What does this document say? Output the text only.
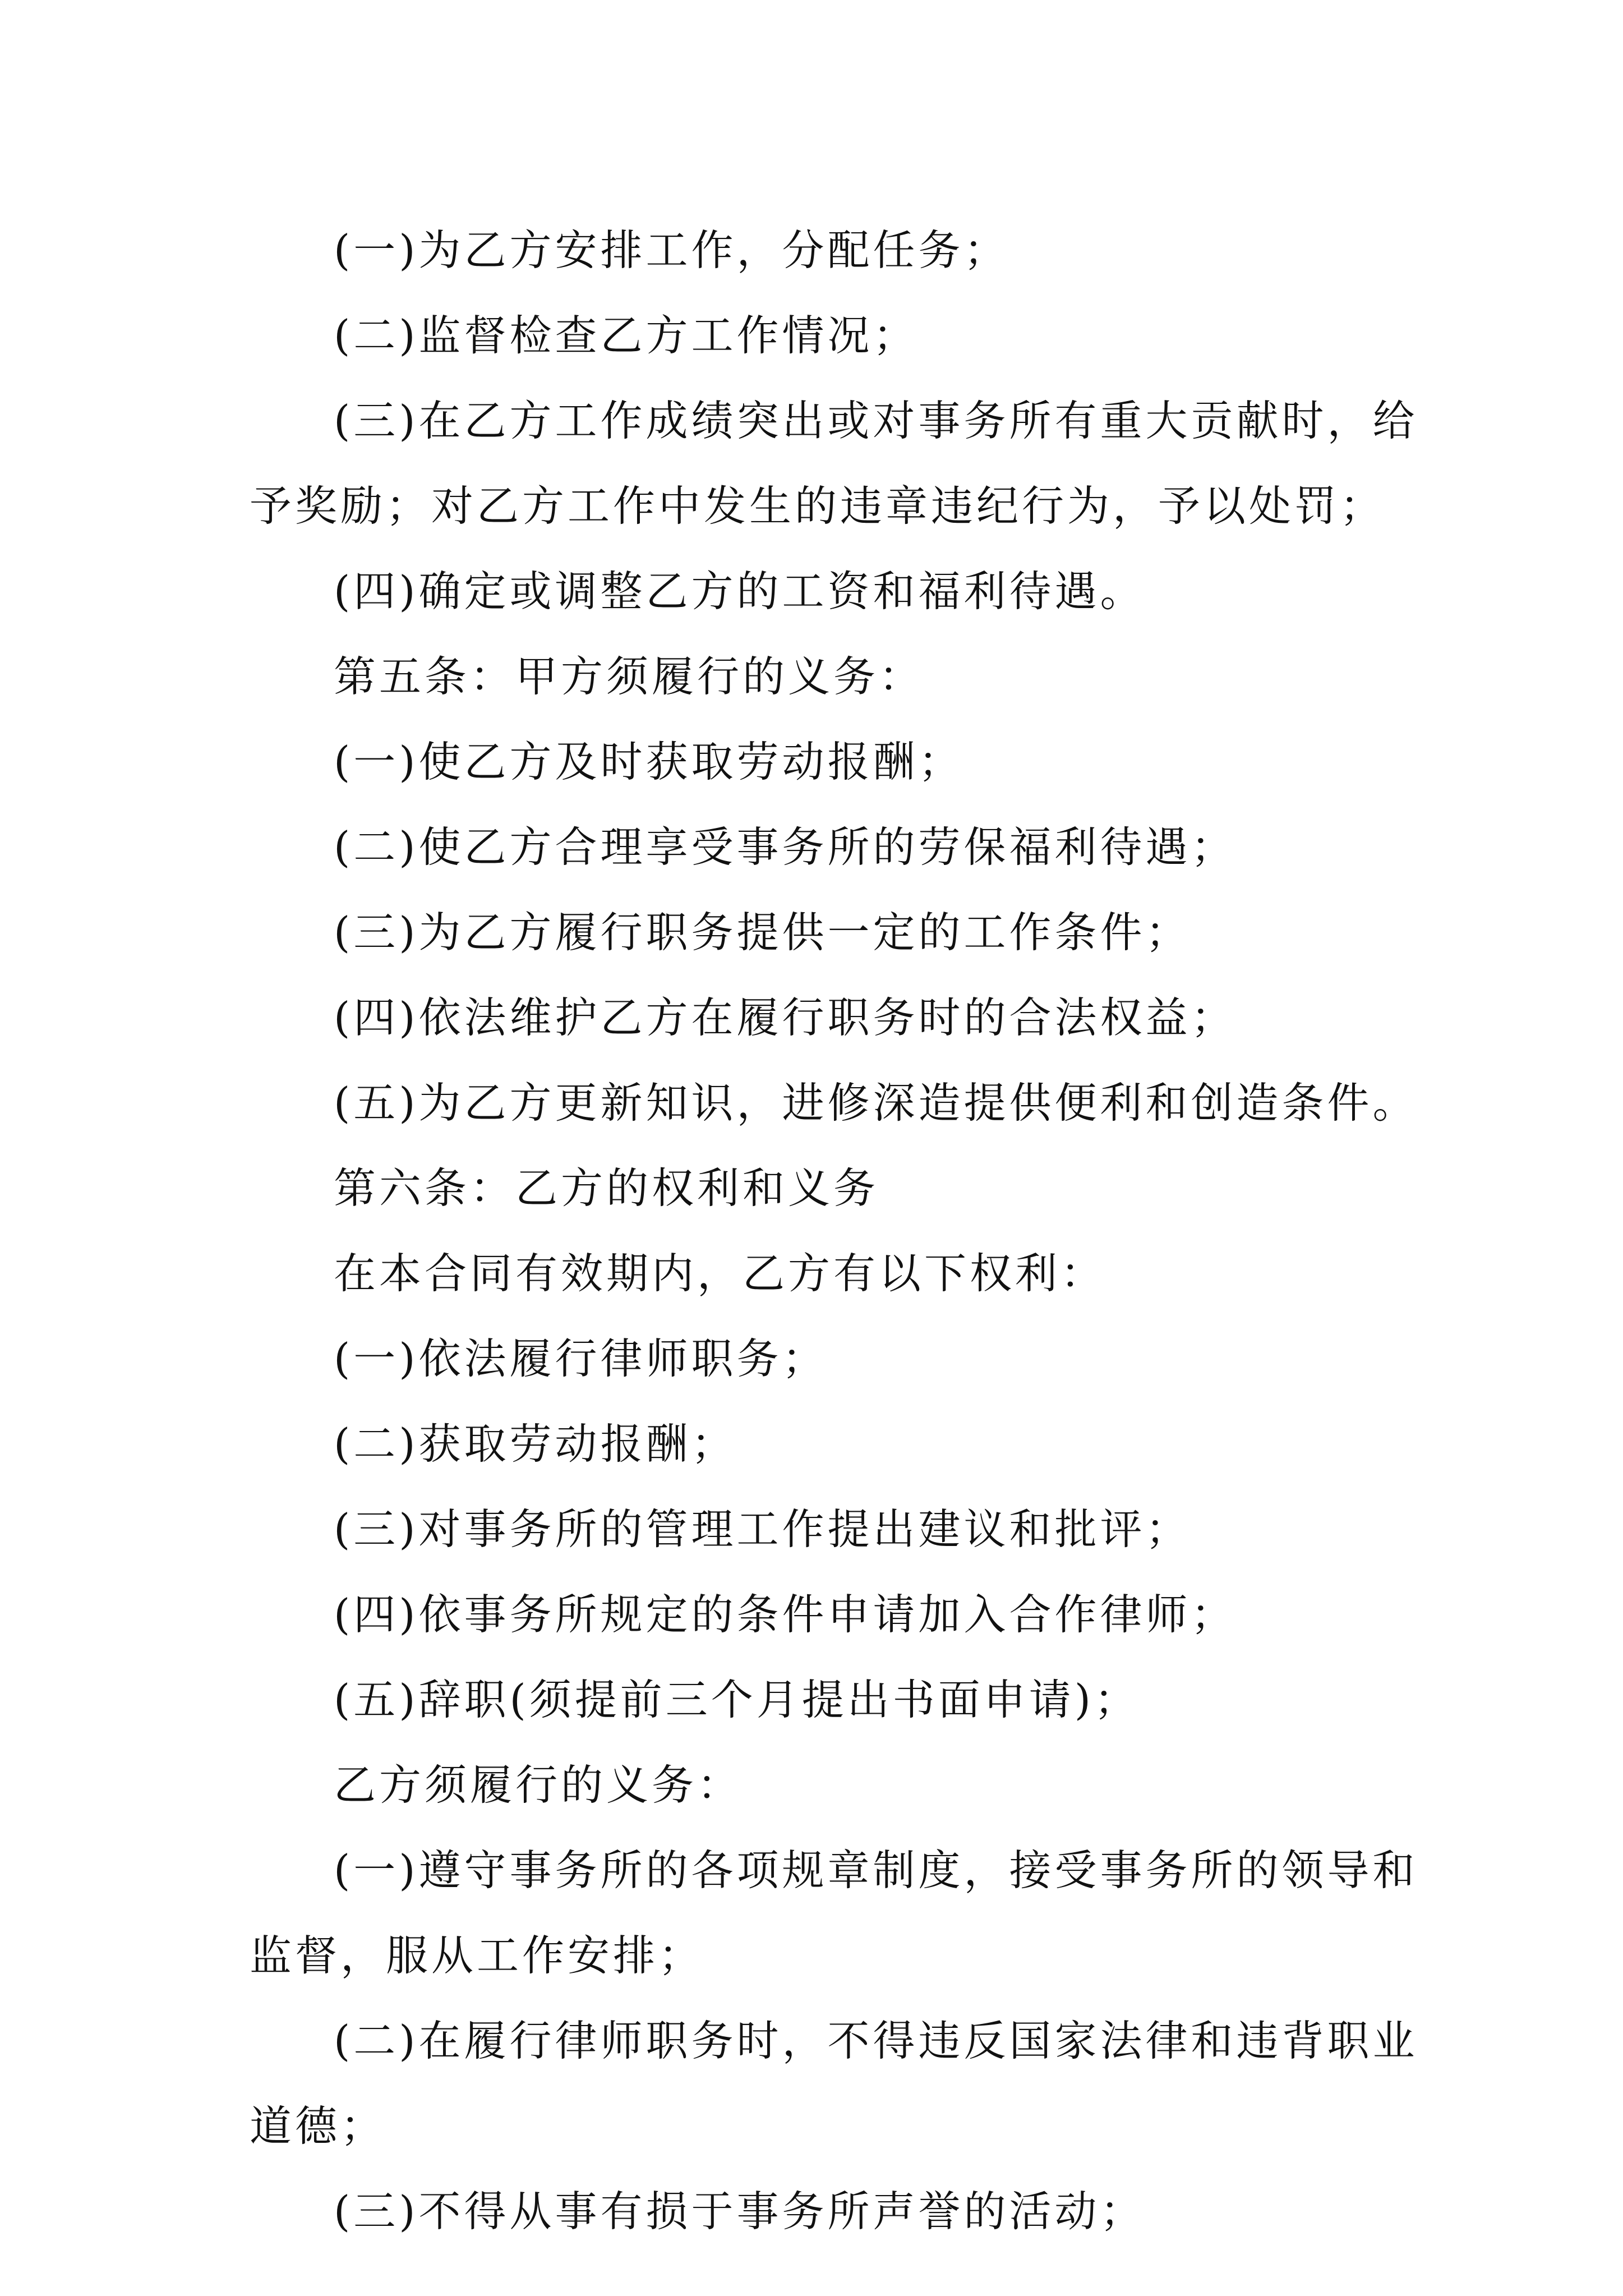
(一)为乙方安排工作，分配任务；

(二)监督检查乙方工作情况；

(三)在乙方工作成绩突出或对事务所有重大贡献时，给

予奖励；对乙方工作中发生的违章违纪行为，予以处罚；

(四)确定或调整乙方的工资和福利待遇。

第五条：甲方须履行的义务：

(一)使乙方及时获取劳动报酬；

(二)使乙方合理享受事务所的劳保福利待遇；

(三)为乙方履行职务提供一定的工作条件；

(四)依法维护乙方在履行职务时的合法权益；

(五)为乙方更新知识，进修深造提供便利和创造条件。

第六条：乙方的权利和义务

在本合同有效期内，乙方有以下权利：

(一)依法履行律师职务；

(二)获取劳动报酬；

(三)对事务所的管理工作提出建议和批评；

(四)依事务所规定的条件申请加入合作律师；

(五)辞职(须提前三个月提出书面申请)；

乙方须履行的义务：

(一)遵守事务所的各项规章制度，接受事务所的领导和

监督，服从工作安排；

(二)在履行律师职务时，不得违反国家法律和违背职业

道德；

(三)不得从事有损于事务所声誉的活动；
